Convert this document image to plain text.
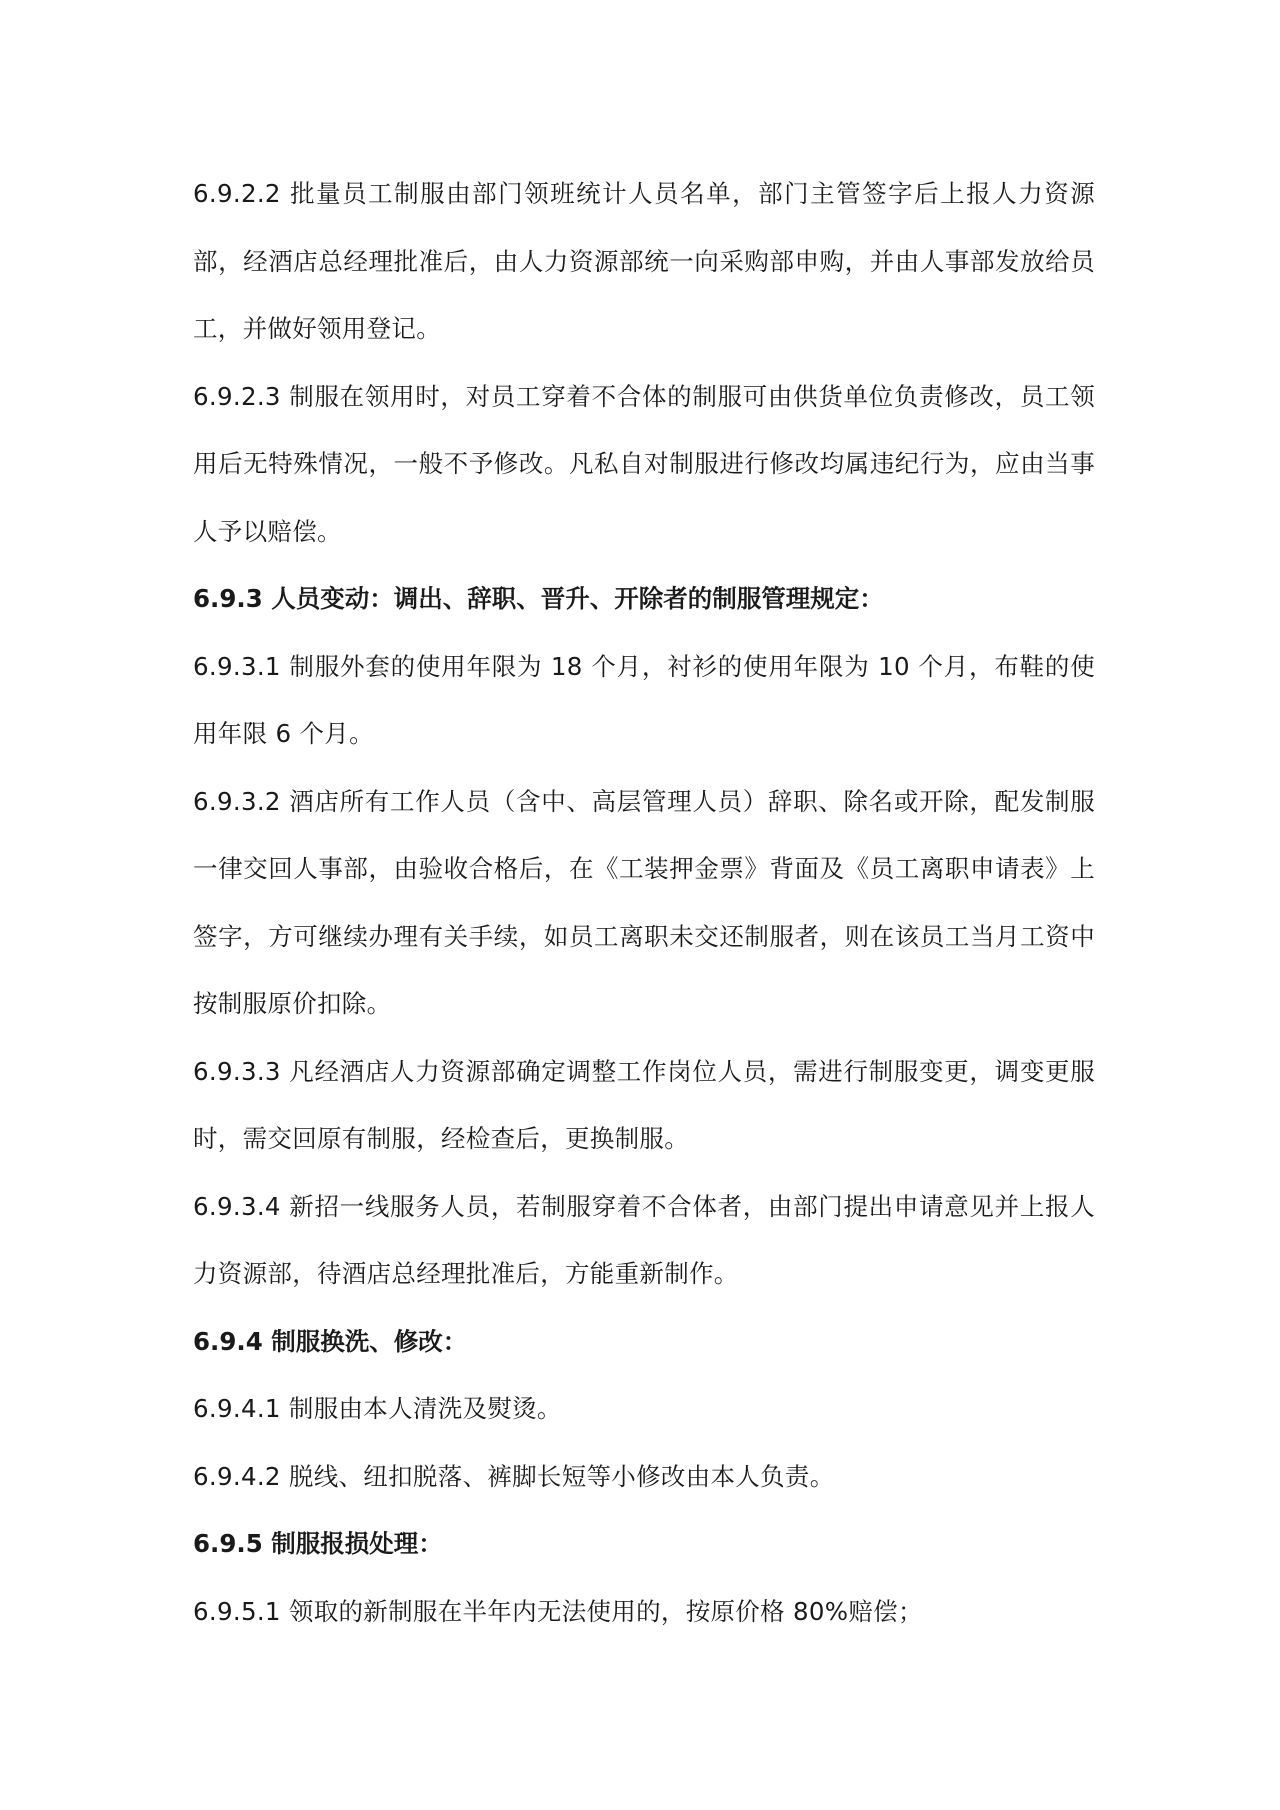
6.9.2.2 批量员工制服由部门领班统计人员名单，部门主管签字后上报人力资源部，经酒店总经理批准后，由人力资源部统一向采购部申购，并由人事部发放给员工，并做好领用登记。

6.9.2.3 制服在领用时，对员工穿着不合体的制服可由供货单位负责修改，员工领用后无特殊情况，一般不予修改。凡私自对制服进行修改均属违纪行为，应由当事人予以赔偿。

6.9.3 人员变动：调出、辞职、晋升、开除者的制服管理规定：

6.9.3.1 制服外套的使用年限为 18 个月，衬衫的使用年限为 10 个月，布鞋的使用年限 6 个月。

6.9.3.2 酒店所有工作人员（含中、高层管理人员）辞职、除名或开除，配发制服一律交回人事部，由验收合格后，在《工装押金票》背面及《员工离职申请表》上签字，方可继续办理有关手续，如员工离职未交还制服者，则在该员工当月工资中按制服原价扣除。

6.9.3.3 凡经酒店人力资源部确定调整工作岗位人员，需进行制服变更，调变更服时，需交回原有制服，经检查后，更换制服。

6.9.3.4 新招一线服务人员，若制服穿着不合体者，由部门提出申请意见并上报人力资源部，待酒店总经理批准后，方能重新制作。

6.9.4 制服换洗、修改：

6.9.4.1 制服由本人清洗及熨烫。

6.9.4.2 脱线、纽扣脱落、裤脚长短等小修改由本人负责。

6.9.5 制服报损处理：

6.9.5.1 领取的新制服在半年内无法使用的，按原价格 80%赔偿；
